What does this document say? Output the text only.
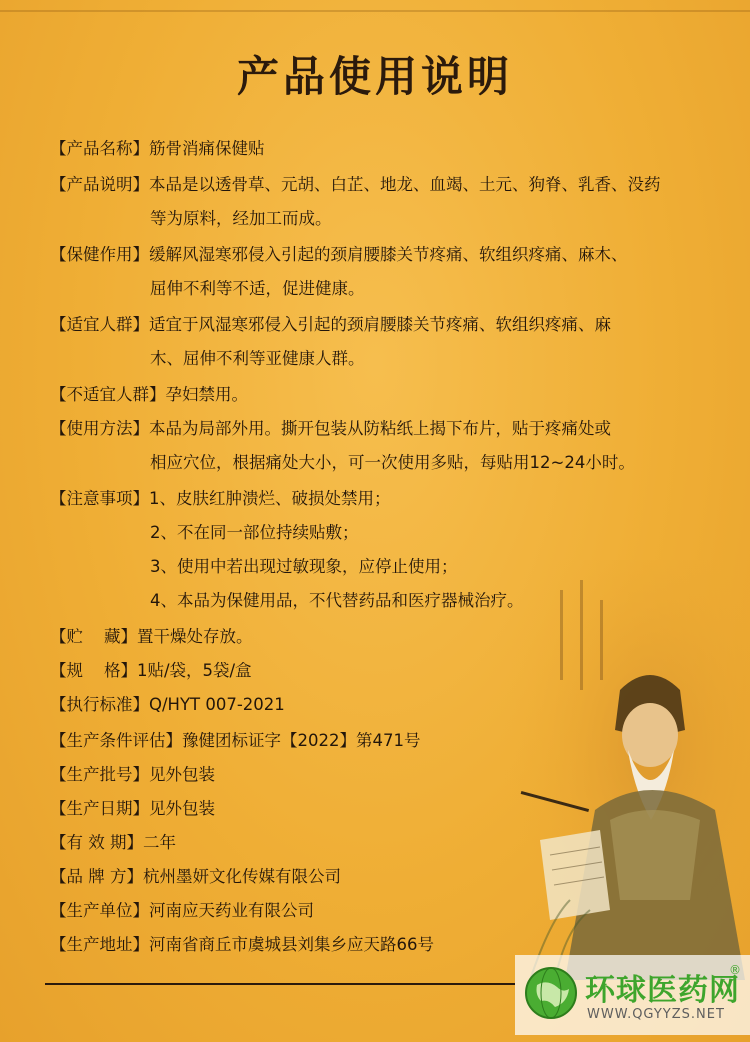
产品使用说明
【产品名称】筋骨消痛保健贴
【产品说明】本品是以透骨草、元胡、白芷、地龙、血竭、土元、狗脊、乳香、没药
等为原料，经加工而成。
【保健作用】缓解风湿寒邪侵入引起的颈肩腰膝关节疼痛、软组织疼痛、麻木、
屈伸不利等不适，促进健康。
【适宜人群】适宜于风湿寒邪侵入引起的颈肩腰膝关节疼痛、软组织疼痛、麻
木、屈伸不利等亚健康人群。
【不适宜人群】孕妇禁用。
【使用方法】本品为局部外用。撕开包装从防粘纸上揭下布片，贴于疼痛处或
相应穴位，根据痛处大小，可一次使用多贴，每贴用12~24小时。
【注意事项】1、皮肤红肿溃烂、破损处禁用；
2、不在同一部位持续贴敷；
3、使用中若出现过敏现象，应停止使用；
4、本品为保健用品，不代替药品和医疗器械治疗。
【贮    藏】置干燥处存放。
【规    格】1贴/袋，5袋/盒
【执行标准】Q/HYT 007-2021
【生产条件评估】豫健团标证字【2022】第471号
【生产批号】见外包装
【生产日期】见外包装
【有 效 期】二年
【品 牌 方】杭州墨妍文化传媒有限公司
【生产单位】河南应天药业有限公司
【生产地址】河南省商丘市虞城县刘集乡应天路66号
环球医药网
®
WWW.QGYYZS.NET
